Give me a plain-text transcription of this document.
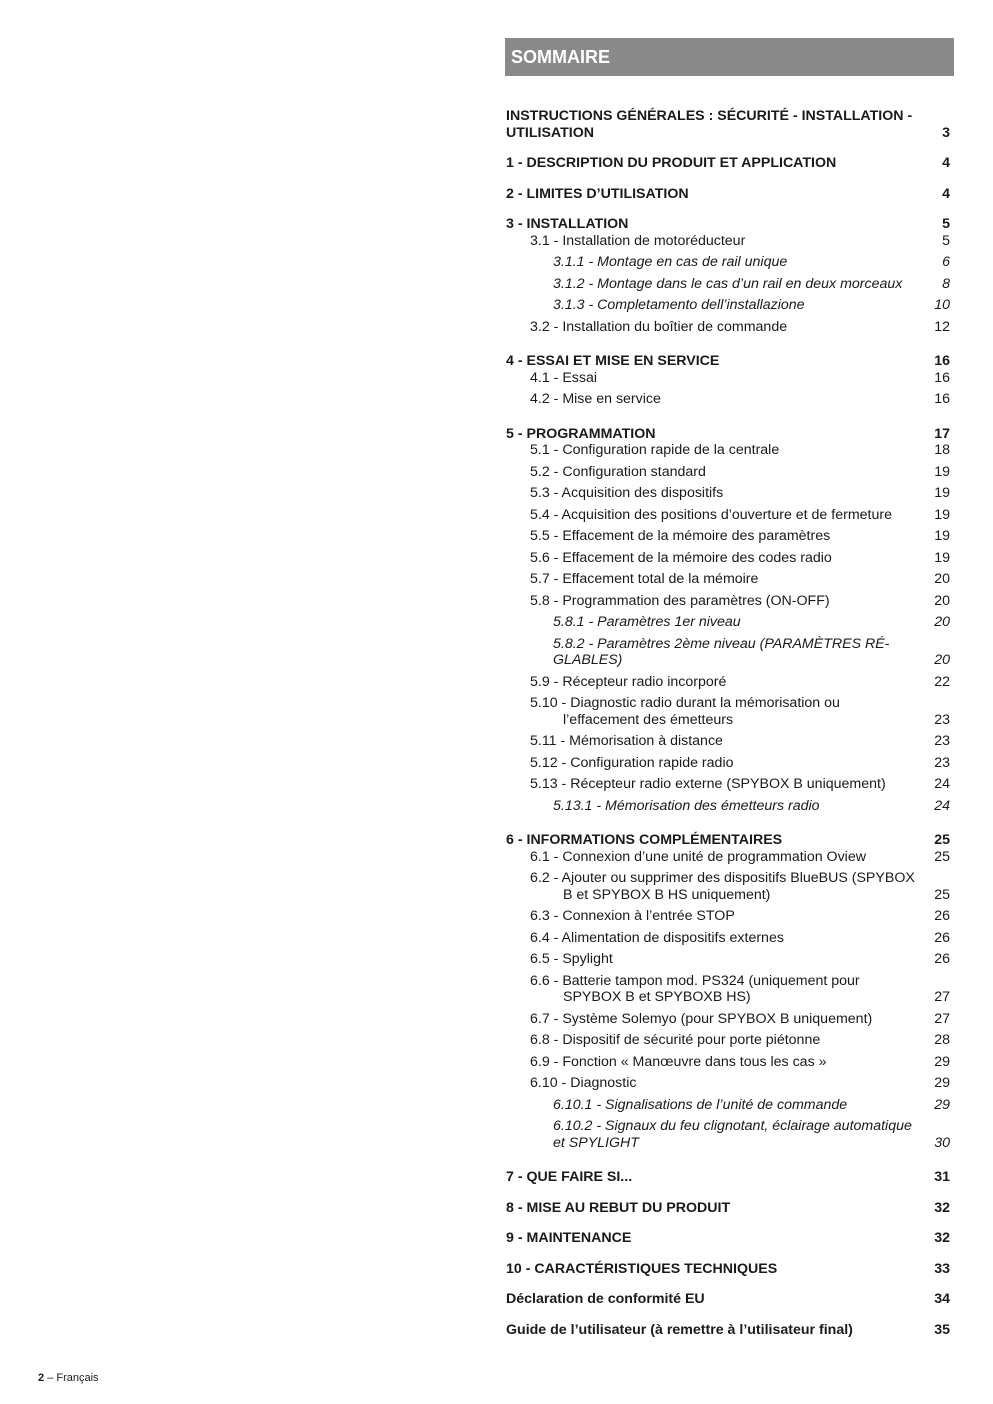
SOMMAIRE
INSTRUCTIONS GÉNÉRALES : SÉCURITÉ - INSTALLATION - UTILISATION	3
1 - DESCRIPTION DU PRODUIT ET APPLICATION	4
2 - LIMITES D’UTILISATION	4
3 - INSTALLATION	5
3.1 - Installation de motoréducteur	5
3.1.1 - Montage en cas de rail unique	6
3.1.2 - Montage dans le cas d’un rail en deux morceaux	8
3.1.3 - Completamento dell’installazione	10
3.2 - Installation du boîtier de commande	12
4 - ESSAI ET MISE EN SERVICE	16
4.1 - Essai	16
4.2 - Mise en service	16
5 - PROGRAMMATION	17
5.1 - Configuration rapide de la centrale	18
5.2 - Configuration standard	19
5.3 - Acquisition des dispositifs	19
5.4 - Acquisition des positions d’ouverture et de fermeture	19
5.5 - Effacement de la mémoire des paramètres	19
5.6 - Effacement de la mémoire des codes radio	19
5.7 - Effacement total de la mémoire	20
5.8 - Programmation des paramètres (ON-OFF)	20
5.8.1 - Paramètres 1er niveau	20
5.8.2 - Paramètres 2ème niveau (PARAMÈTRES RÉ-GLABLES)	20
5.9 - Récepteur radio incorporé	22
5.10 - Diagnostic radio durant la mémorisation ou l’effacement des émetteurs	23
5.11 - Mémorisation à distance	23
5.12 - Configuration rapide radio	23
5.13 - Récepteur radio externe (SPYBOX B uniquement)	24
5.13.1 - Mémorisation des émetteurs radio	24
6 - INFORMATIONS COMPLÉMENTAIRES	25
6.1 - Connexion d’une unité de programmation Oview	25
6.2 - Ajouter ou supprimer des dispositifs BlueBUS (SPYBOX B et SPYBOX B HS uniquement)	25
6.3 - Connexion à l’entrée STOP	26
6.4 - Alimentation de dispositifs externes	26
6.5 - Spylight	26
6.6 - Batterie tampon mod. PS324 (uniquement pour SPYBOX B et SPYBOXB HS)	27
6.7 - Système Solemyo (pour SPYBOX B uniquement)	27
6.8 - Dispositif de sécurité pour porte piétonne	28
6.9 - Fonction « Manœuvre dans tous les cas »	29
6.10 - Diagnostic	29
6.10.1 - Signalisations de l’unité de commande	29
6.10.2 - Signaux du feu clignotant, éclairage automatique et SPYLIGHT	30
7 - QUE FAIRE SI...	31
8 - MISE AU REBUT DU PRODUIT	32
9 - MAINTENANCE	32
10 - CARACTÉRISTIQUES TECHNIQUES	33
Déclaration de conformité EU	34
Guide de l’utilisateur (à remettre à l’utilisateur final)	35
2 – Français
